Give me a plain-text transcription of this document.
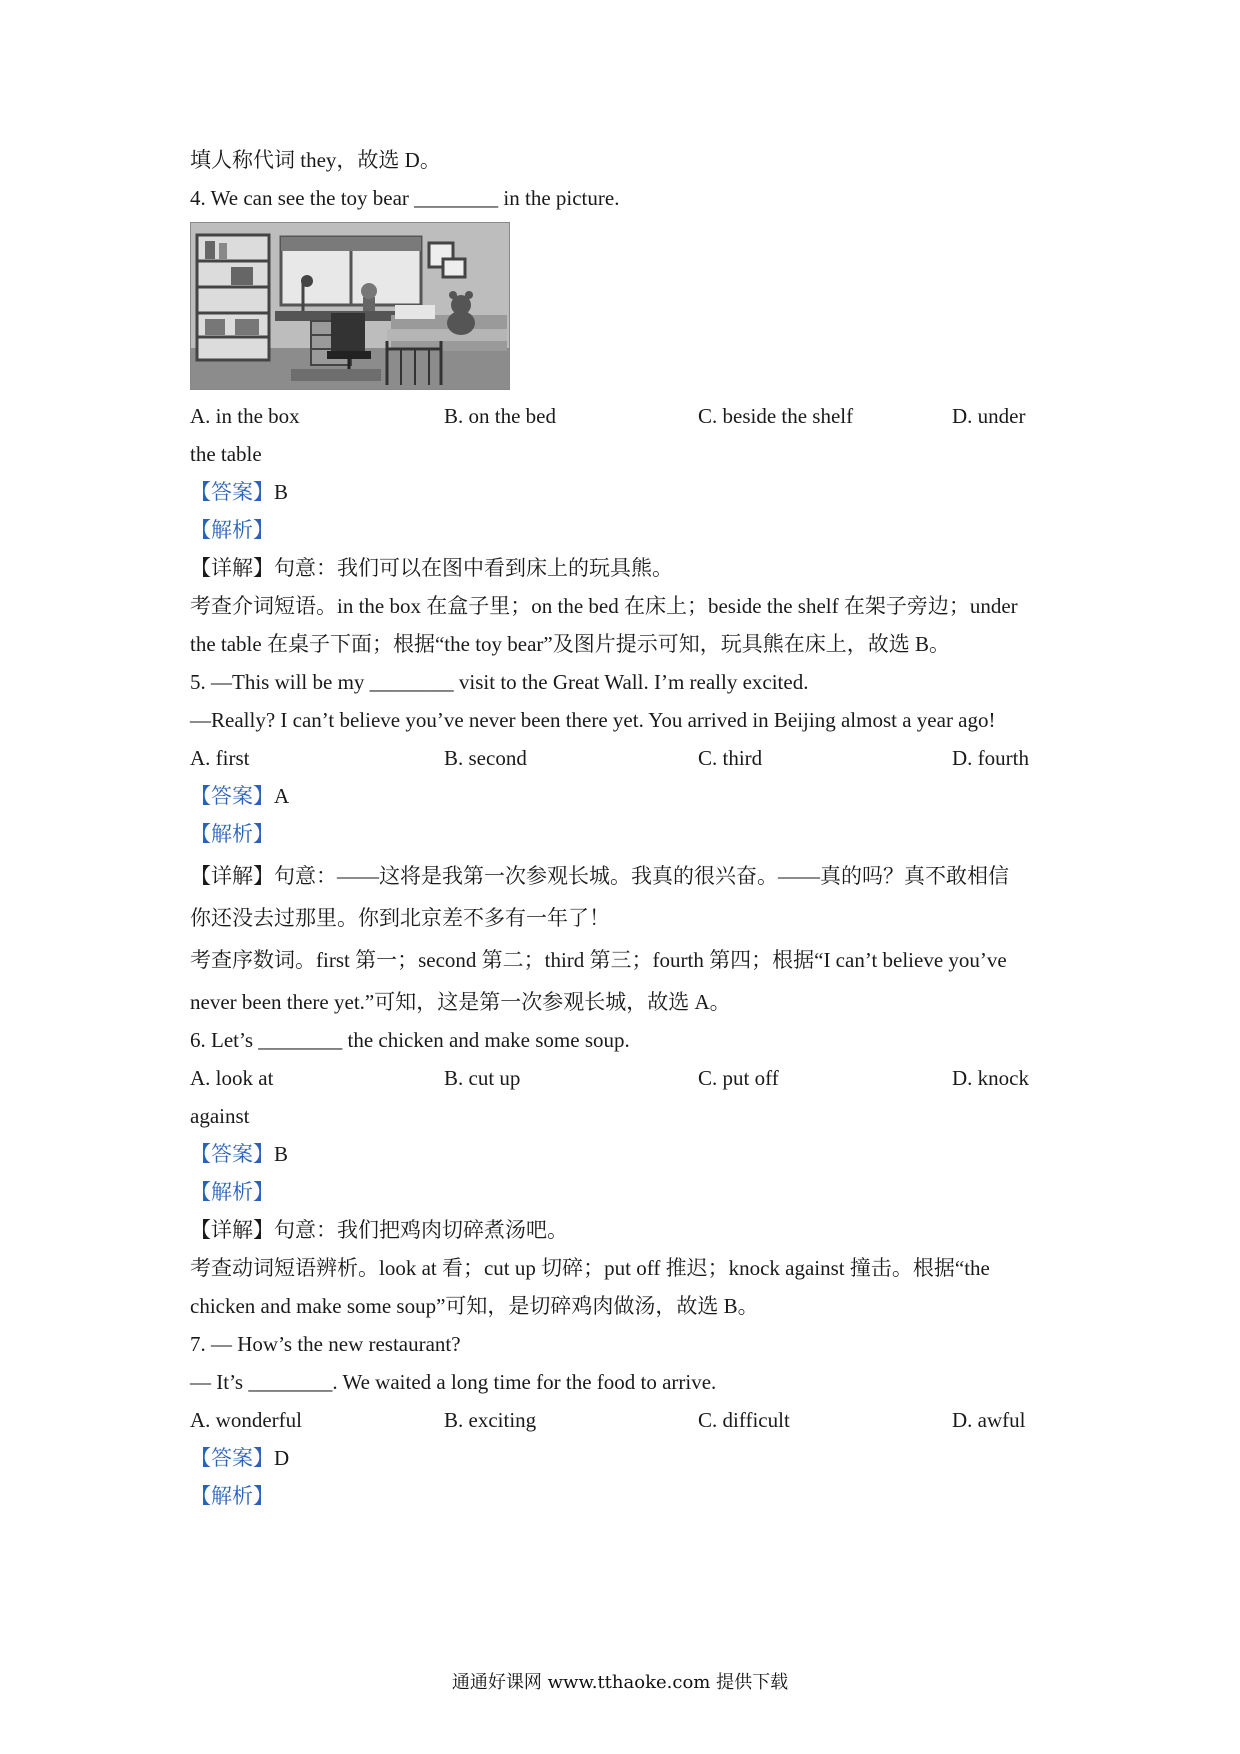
填人称代词 they，故选 D。

4. We can see the toy bear ________ in the picture.

A. in the box	B. on the bed	C. beside the shelf	D. under

the table

【答案】B

【解析】

【详解】句意：我们可以在图中看到床上的玩具熊。

考查介词短语。in the box 在盒子里；on the bed 在床上；beside the shelf 在架子旁边；under

the table 在桌子下面；根据“the toy bear”及图片提示可知，玩具熊在床上，故选 B。

5. —This will be my ________ visit to the Great Wall. I’m really excited.

—Really? I can’t believe you’ve never been there yet. You arrived in Beijing almost a year ago!

A. first	B. second	C. third	D. fourth

【答案】A

【解析】

【详解】句意：——这将是我第一次参观长城。我真的很兴奋。——真的吗？真不敢相信

你还没去过那里。你到北京差不多有一年了！

考查序数词。first 第一；second 第二；third 第三；fourth 第四；根据“I can’t believe you’ve

never been there yet.”可知，这是第一次参观长城，故选 A。

6. Let’s ________ the chicken and make some soup.

A. look at	B. cut up	C. put off	D. knock

against

【答案】B

【解析】

【详解】句意：我们把鸡肉切碎煮汤吧。

考查动词短语辨析。look at 看；cut up 切碎；put off 推迟；knock against 撞击。根据“the

chicken and make some soup”可知，是切碎鸡肉做汤，故选 B。

7. — How’s the new restaurant?

— It’s ________. We waited a long time for the food to arrive.

A. wonderful	B. exciting	C. difficult	D. awful

【答案】D

【解析】

通通好课网 www.tthaoke.com 提供下载
